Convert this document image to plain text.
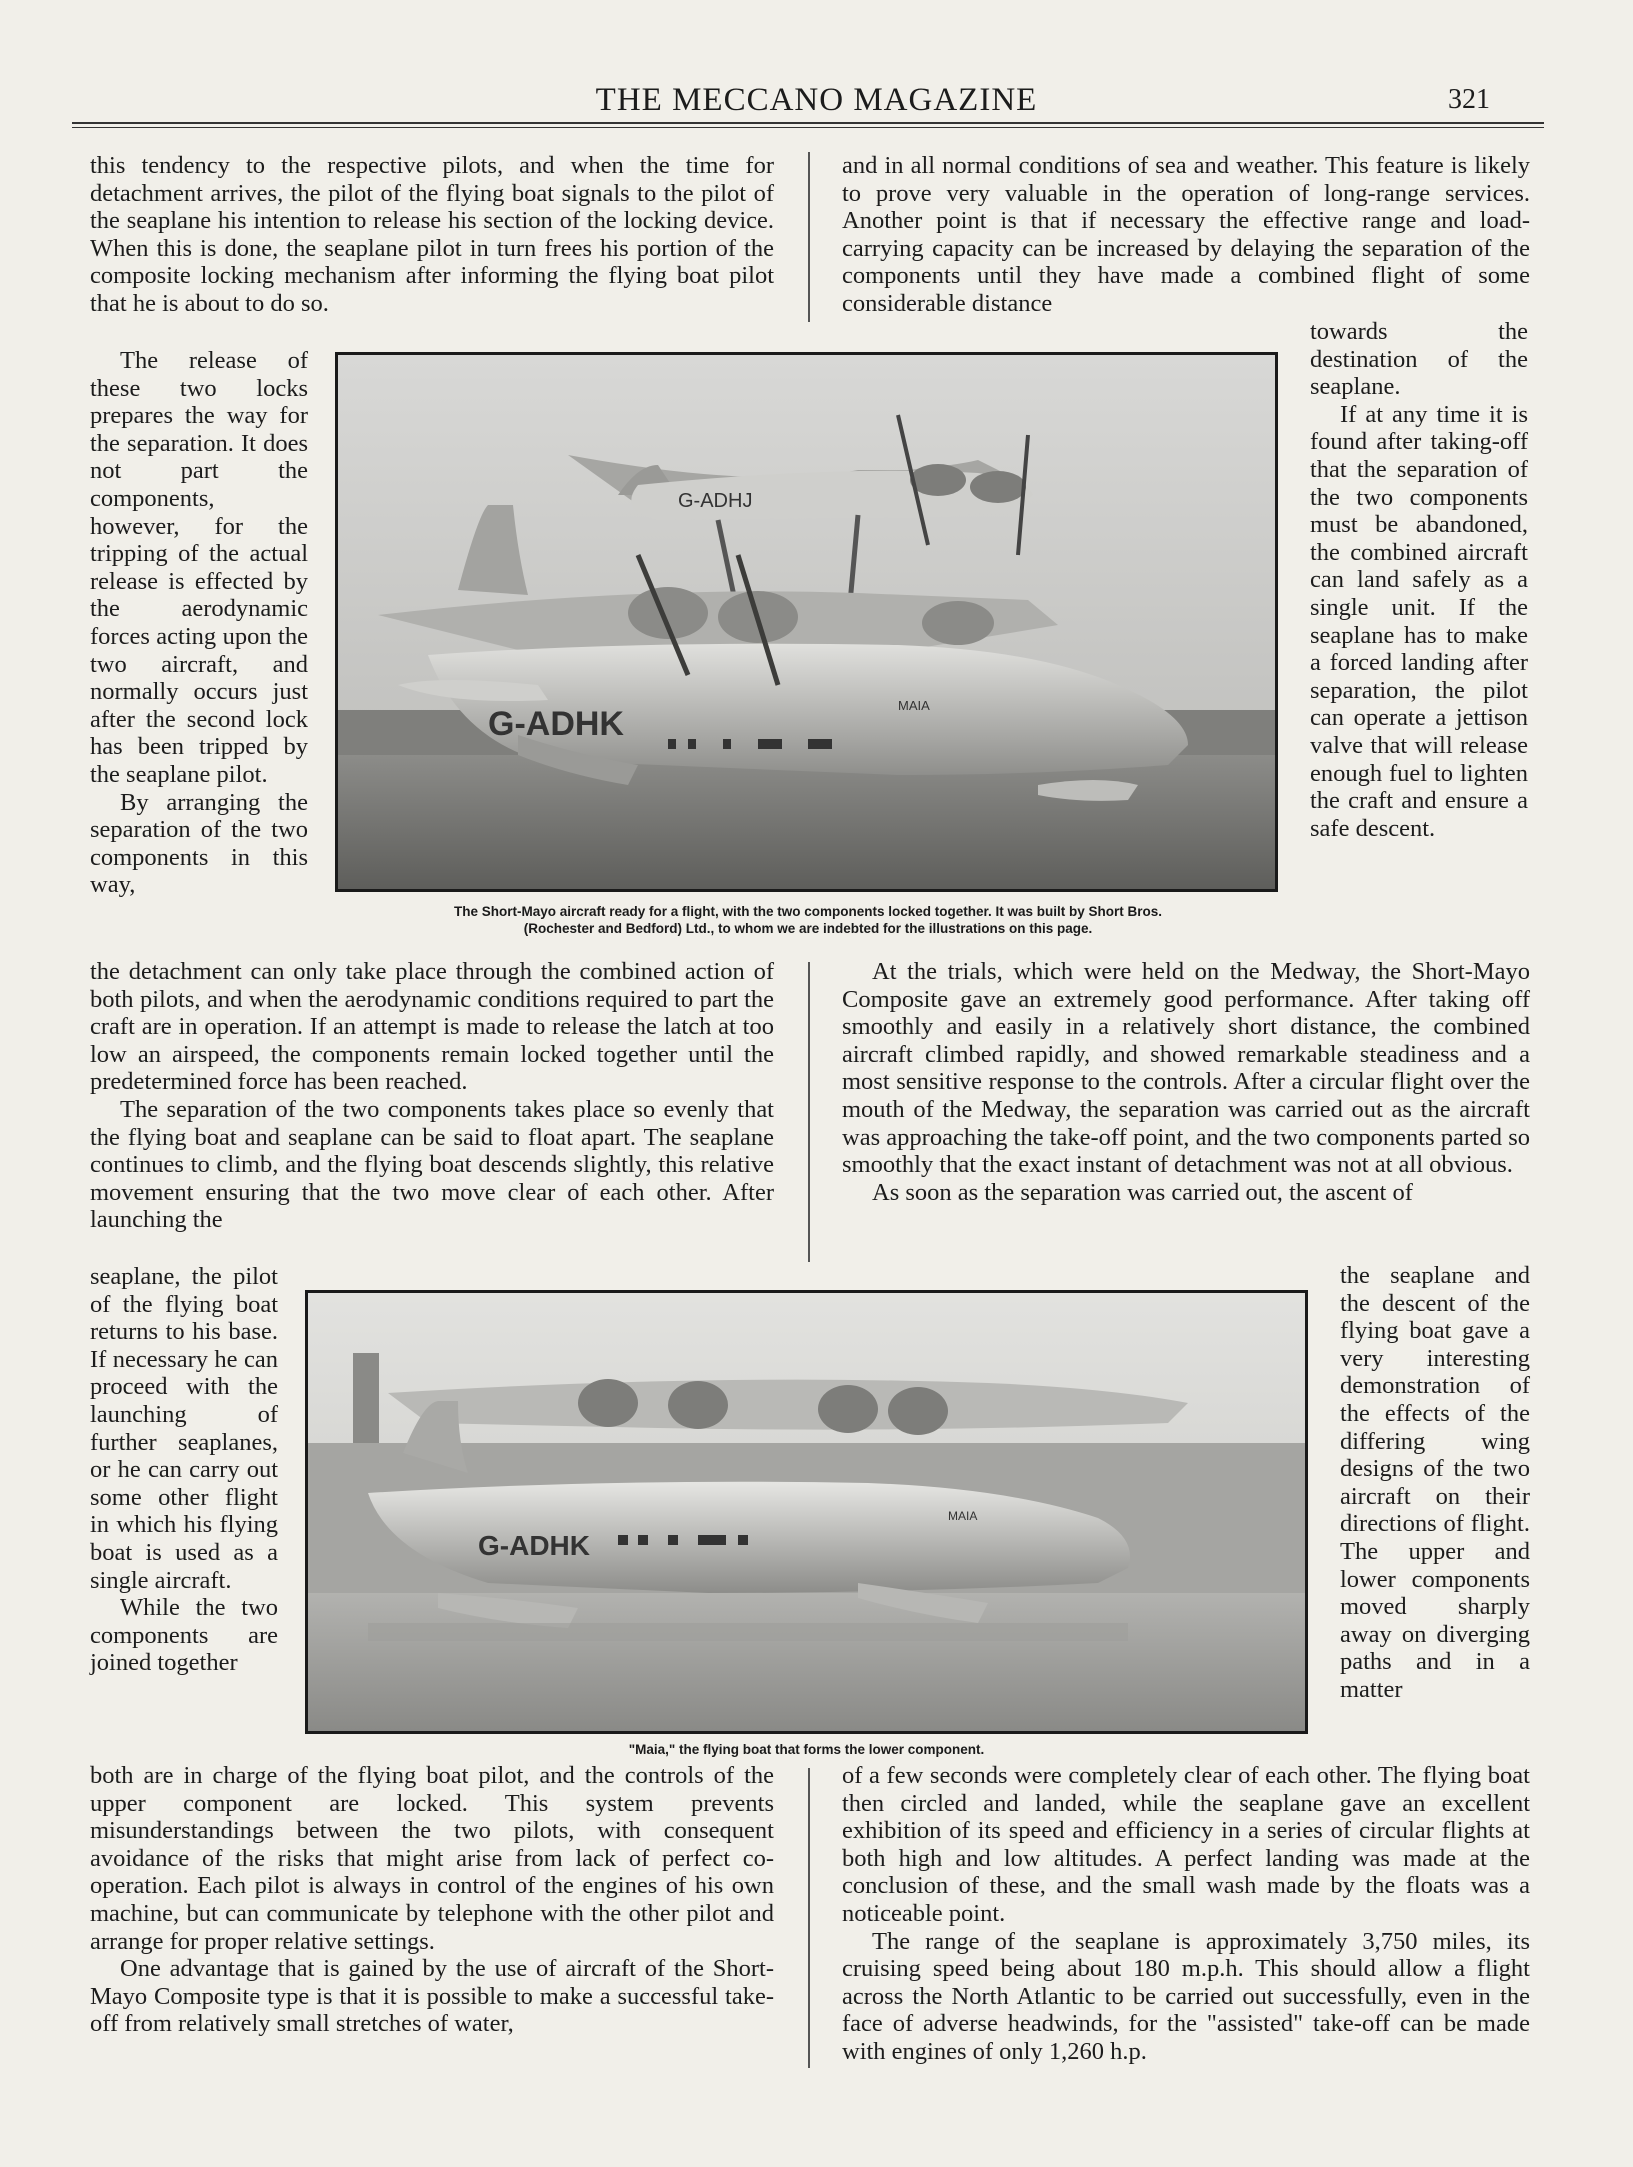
THE MECCANO MAGAZINE	321

this tendency to the respective pilots, and when the time for detachment arrives, the pilot of the flying boat signals to the pilot of the seaplane his intention to release his section of the locking device. When this is done, the seaplane pilot in turn frees his portion of the composite locking mechanism after informing the flying boat pilot that he is about to do so.

The release of these two locks prepares the way for the separation. It does not part the components, however, for the tripping of the actual release is effected by the aerodynamic forces acting upon the two aircraft, and normally occurs just after the second lock has been tripped by the seaplane pilot.

By arranging the separation of the two components in this way,

the detachment can only take place through the combined action of both pilots, and when the aerodynamic conditions required to part the craft are in operation. If an attempt is made to release the latch at too low an airspeed, the components remain locked together until the predetermined force has been reached.

The separation of the two components takes place so evenly that the flying boat and seaplane can be said to float apart. The seaplane continues to climb, and the flying boat descends slightly, this relative movement ensuring that the two move clear of each other. After launching the

seaplane, the pilot of the flying boat returns to his base. If necessary he can proceed with the launching of further seaplanes, or he can carry out some other flight in which his flying boat is used as a single aircraft.

While the two components are joined together

both are in charge of the flying boat pilot, and the controls of the upper component are locked. This system prevents misunderstandings between the two pilots, with consequent avoidance of the risks that might arise from lack of perfect co-operation. Each pilot is always in control of the engines of his own machine, but can communicate by telephone with the other pilot and arrange for proper relative settings.

One advantage that is gained by the use of aircraft of the Short-Mayo Composite type is that it is possible to make a successful take-off from relatively small stretches of water,

and in all normal conditions of sea and weather. This feature is likely to prove very valuable in the operation of long-range services. Another point is that if necessary the effective range and load-carrying capacity can be increased by delaying the separation of the components until they have made a combined flight of some considerable distance

towards the destination of the seaplane.

If at any time it is found after taking-off that the separation of the two components must be abandoned, the combined aircraft can land safely as a single unit. If the seaplane has to make a forced landing after separation, the pilot can operate a jettison valve that will release enough fuel to lighten the craft and ensure a safe descent.

At the trials, which were held on the Medway, the Short-Mayo Composite gave an extremely good performance. After taking off smoothly and easily in a relatively short distance, the combined aircraft climbed rapidly, and showed remarkable steadiness and a most sensitive response to the controls. After a circular flight over the mouth of the Medway, the separation was carried out as the aircraft was approaching the take-off point, and the two components parted so smoothly that the exact instant of detachment was not at all obvious.

As soon as the separation was carried out, the ascent of

the seaplane and the descent of the flying boat gave a very interesting demonstration of the effects of the differing wing designs of the two aircraft on their directions of flight. The upper and lower components moved sharply away on diverging paths and in a matter

of a few seconds were completely clear of each other. The flying boat then circled and landed, while the seaplane gave an excellent exhibition of its speed and efficiency in a series of circular flights at both high and low altitudes. A perfect landing was made at the conclusion of these, and the small wash made by the floats was a noticeable point.

The range of the seaplane is approximately 3,750 miles, its cruising speed being about 180 m.p.h. This should allow a flight across the North Atlantic to be carried out successfully, even in the face of adverse headwinds, for the "assisted" take-off can be made with engines of only 1,260 h.p.

G-ADHJ
G-ADHK	MAIA
The Short-Mayo aircraft ready for a flight, with the two components locked together. It was built by Short Bros.
(Rochester and Bedford) Ltd., to whom we are indebted for the illustrations on this page.
G-ADHK
MAIA
"Maia," the flying boat that forms the lower component.
